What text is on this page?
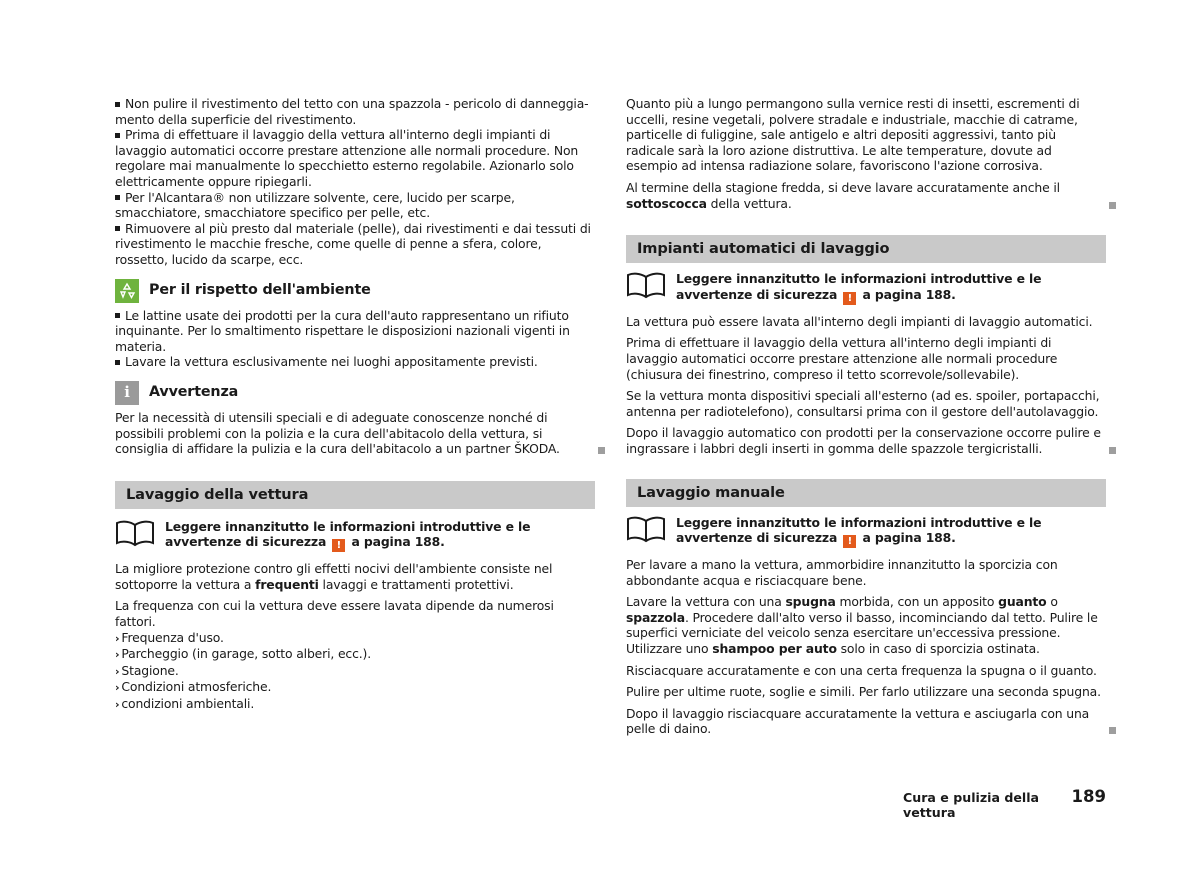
Non pulire il rivestimento del tetto con una spazzola - pericolo di danneggia- mento della superficie del rivestimento.

Prima di effettuare il lavaggio della vettura all'interno degli impianti di lavaggio automatici occorre prestare attenzione alle normali procedure. Non regolare mai manualmente lo specchietto esterno regolabile. Azionarlo solo elettricamente oppure ripiegarli.

Per l'Alcantara® non utilizzare solvente, cere, lucido per scarpe, smacchiatore, smacchiatore specifico per pelle, etc.

Rimuovere al più presto dal materiale (pelle), dai rivestimenti e dai tessuti di rivestimento le macchie fresche, come quelle di penne a sfera, colore, rossetto, lucido da scarpe, ecc.

Per il rispetto dell'ambiente

Le lattine usate dei prodotti per la cura dell'auto rappresentano un rifiuto inquinante. Per lo smaltimento rispettare le disposizioni nazionali vigenti in materia.

Lavare la vettura esclusivamente nei luoghi appositamente previsti.

i	Avvertenza

Per la necessità di utensili speciali e di adeguate conoscenze nonché di possibili problemi con la polizia e la cura dell'abitacolo della vettura, si consiglia di affidare la pulizia e la cura dell'abitacolo a un partner ŠKODA.

Lavaggio della vettura
Leggere innanzitutto le informazioni introduttive e le avvertenze di sicurezza ! a pagina 188.

La migliore protezione contro gli effetti nocivi dell'ambiente consiste nel sottoporre la vettura a frequenti lavaggi e trattamenti protettivi.

La frequenza con cui la vettura deve essere lavata dipende da numerosi fattori.

› Frequenza d'uso.
› Parcheggio (in garage, sotto alberi, ecc.).
› Stagione.
› Condizioni atmosferiche.
› condizioni ambientali.

Quanto più a lungo permangono sulla vernice resti di insetti, escrementi di uccelli, resine vegetali, polvere stradale e industriale, macchie di catrame, particelle di fuliggine, sale antigelo e altri depositi aggressivi, tanto più radicale sarà la loro azione distruttiva. Le alte temperature, dovute ad esempio ad intensa radiazione solare, favoriscono l'azione corrosiva.

Al termine della stagione fredda, si deve lavare accuratamente anche il sottoscocca della vettura.

Impianti automatici di lavaggio
Leggere innanzitutto le informazioni introduttive e le avvertenze di sicurezza ! a pagina 188.

La vettura può essere lavata all'interno degli impianti di lavaggio automatici.

Prima di effettuare il lavaggio della vettura all'interno degli impianti di lavaggio automatici occorre prestare attenzione alle normali procedure (chiusura dei finestrino, compreso il tetto scorrevole/sollevabile).

Se la vettura monta dispositivi speciali all'esterno (ad es. spoiler, portapacchi, antenna per radiotelefono), consultarsi prima con il gestore dell'autolavaggio.

Dopo il lavaggio automatico con prodotti per la conservazione occorre pulire e ingrassare i labbri degli inserti in gomma delle spazzole tergicristalli.

Lavaggio manuale
Leggere innanzitutto le informazioni introduttive e le avvertenze di sicurezza ! a pagina 188.

Per lavare a mano la vettura, ammorbidire innanzitutto la sporcizia con abbondante acqua e risciacquare bene.

Lavare la vettura con una spugna morbida, con un apposito guanto o spazzola. Procedere dall'alto verso il basso, incominciando dal tetto. Pulire le superfici verniciate del veicolo senza esercitare un'eccessiva pressione. Utilizzare uno shampoo per auto solo in caso di sporcizia ostinata.

Risciacquare accuratamente e con una certa frequenza la spugna o il guanto.

Pulire per ultime ruote, soglie e simili. Per farlo utilizzare una seconda spugna.

Dopo il lavaggio risciacquare accuratamente la vettura e asciugarla con una pelle di daino.

Cura e pulizia della vettura
189
